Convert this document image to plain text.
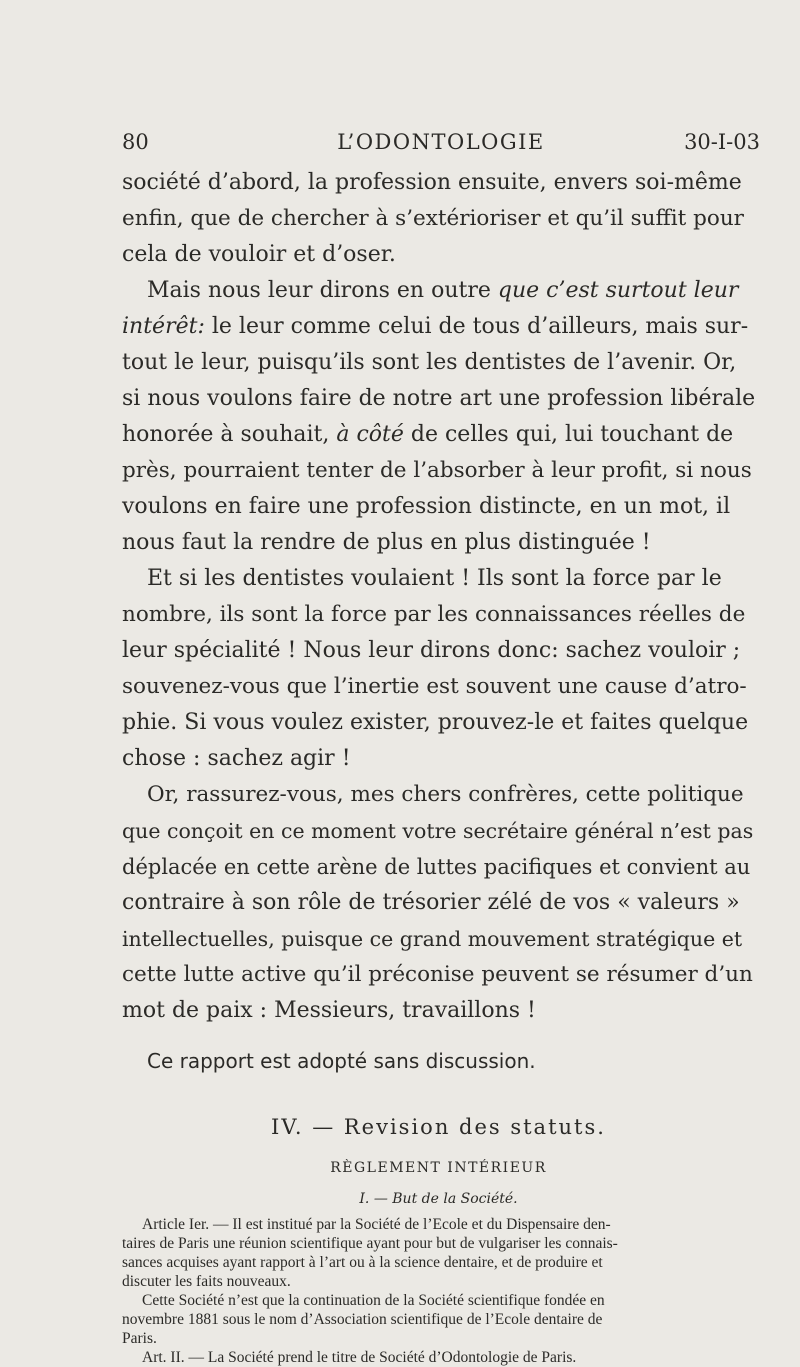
80	L’ODONTOLOGIE	30-I-03
société d’abord, la profession ensuite, envers soi-même
enfin, que de chercher à s’extérioriser et qu’il suffit pour
cela de vouloir et d’oser.
Mais nous leur dirons en outre que c’est surtout leur
intérêt: le leur comme celui de tous d’ailleurs, mais sur-
tout le leur, puisqu’ils sont les dentistes de l’avenir. Or,
si nous voulons faire de notre art une profession libérale
honorée à souhait, à côté de celles qui, lui touchant de
près, pourraient tenter de l’absorber à leur profit, si nous
voulons en faire une profession distincte, en un mot, il
nous faut la rendre de plus en plus distinguée !
Et si les dentistes voulaient ! Ils sont la force par le
nombre, ils sont la force par les connaissances réelles de
leur spécialité ! Nous leur dirons donc: sachez vouloir ;
souvenez-vous que l’inertie est souvent une cause d’atro-
phie. Si vous voulez exister, prouvez-le et faites quelque
chose : sachez agir !
Or, rassurez-vous, mes chers confrères, cette politique
que conçoit en ce moment votre secrétaire général n’est pas
déplacée en cette arène de luttes pacifiques et convient au
contraire à son rôle de trésorier zélé de vos « valeurs »
intellectuelles, puisque ce grand mouvement stratégique et
cette lutte active qu’il préconise peuvent se résumer d’un
mot de paix : Messieurs, travaillons !
Ce rapport est adopté sans discussion.
IV. — Revision des statuts.
RÈGLEMENT INTÉRIEUR
I. — But de la Société.
Article Ier. — Il est institué par la Société de l’Ecole et du Dispensaire den-
taires de Paris une réunion scientifique ayant pour but de vulgariser les connais-
sances acquises ayant rapport à l’art ou à la science dentaire, et de produire et
discuter les faits nouveaux.
Cette Société n’est que la continuation de la Société scientifique fondée en
novembre 1881 sous le nom d’Association scientifique de l’Ecole dentaire de
Paris.
Art. II. — La Société prend le titre de Société d’Odontologie de Paris.
